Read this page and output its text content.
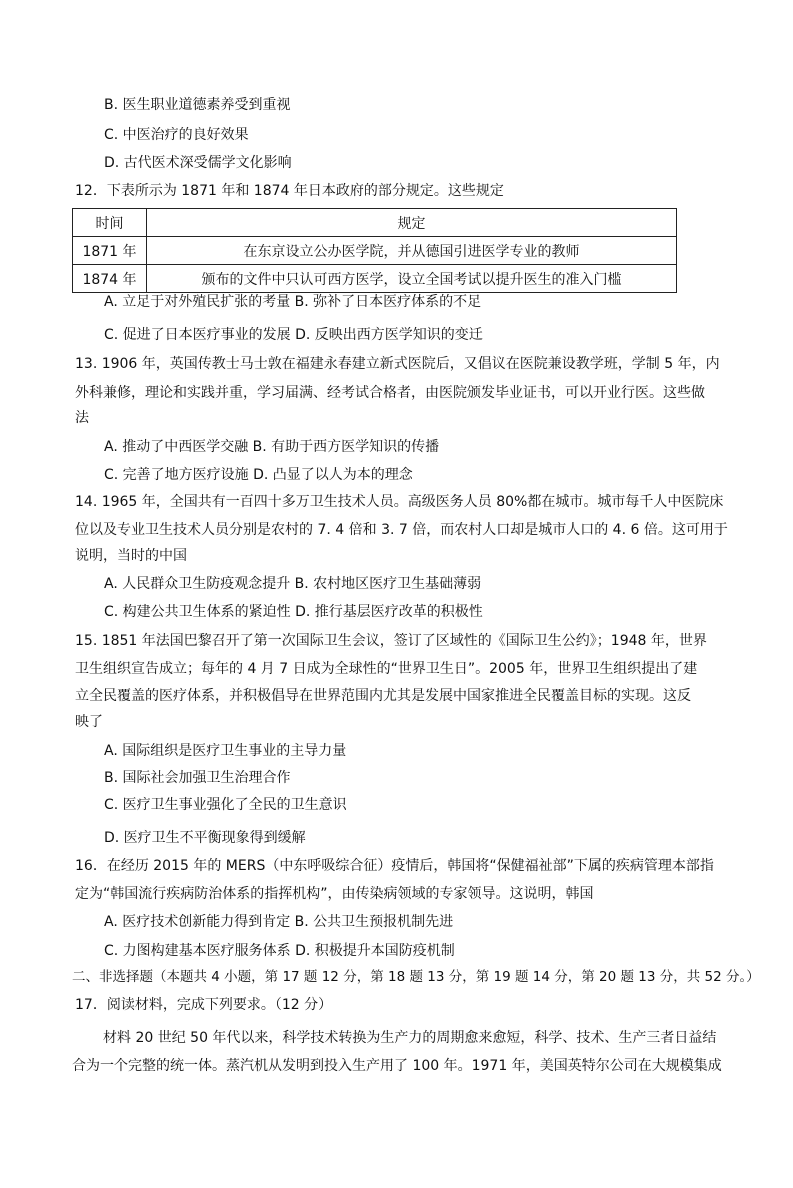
B. 医生职业道德素养受到重视
C. 中医治疗的良好效果
D. 古代医术深受儒学文化影响
12．下表所示为 1871 年和 1874 年日本政府的部分规定。这些规定
时间	规定
1871 年	在东京设立公办医学院，并从德国引进医学专业的教师
1874 年	颁布的文件中只认可西方医学，设立全国考试以提升医生的准入门槛
A. 立足于对外殖民扩张的考量 B. 弥补了日本医疗体系的不足
C. 促进了日本医疗事业的发展 D. 反映出西方医学知识的变迁
13. 1906 年，英国传教士马士敦在福建永春建立新式医院后，又倡议在医院兼设教学班，学制 5 年，内
外科兼修，理论和实践并重，学习届满、经考试合格者，由医院颁发毕业证书，可以开业行医。这些做
法
A. 推动了中西医学交融 B. 有助于西方医学知识的传播
C. 完善了地方医疗设施 D. 凸显了以人为本的理念
14. 1965 年，全国共有一百四十多万卫生技术人员。高级医务人员 80%都在城市。城市每千人中医院床
位以及专业卫生技术人员分别是农村的 7. 4 倍和 3. 7 倍，而农村人口却是城市人口的 4. 6 倍。这可用于
说明，当时的中国
A. 人民群众卫生防疫观念提升 B. 农村地区医疗卫生基础薄弱
C. 构建公共卫生体系的紧迫性 D. 推行基层医疗改革的积极性
15. 1851 年法国巴黎召开了第一次国际卫生会议，签订了区域性的《国际卫生公约》；1948 年，世界
卫生组织宣告成立；每年的 4 月 7 日成为全球性的“世界卫生日”。2005 年，世界卫生组织提出了建
立全民覆盖的医疗体系，并积极倡导在世界范围内尤其是发展中国家推进全民覆盖目标的实现。这反
映了
A. 国际组织是医疗卫生事业的主导力量
B. 国际社会加强卫生治理合作
C. 医疗卫生事业强化了全民的卫生意识
D. 医疗卫生不平衡现象得到缓解
16．在经历 2015 年的 MERS（中东呼吸综合征）疫情后，韩国将“保健福祉部”下属的疾病管理本部指
定为“韩国流行疾病防治体系的指挥机构”，由传染病领域的专家领导。这说明，韩国
A. 医疗技术创新能力得到肯定 B. 公共卫生预报机制先进
C. 力图构建基本医疗服务体系 D. 积极提升本国防疫机制
二、非选择题（本题共 4 小题，第 17 题 12 分，第 18 题 13 分，第 19 题 14 分，第 20 题 13 分，共 52 分。）
17．阅读材料，完成下列要求。（12 分）
材料 20 世纪 50 年代以来，科学技术转换为生产力的周期愈来愈短，科学、技术、生产三者日益结
合为一个完整的统一体。蒸汽机从发明到投入生产用了 100 年。1971 年，美国英特尔公司在大规模集成
